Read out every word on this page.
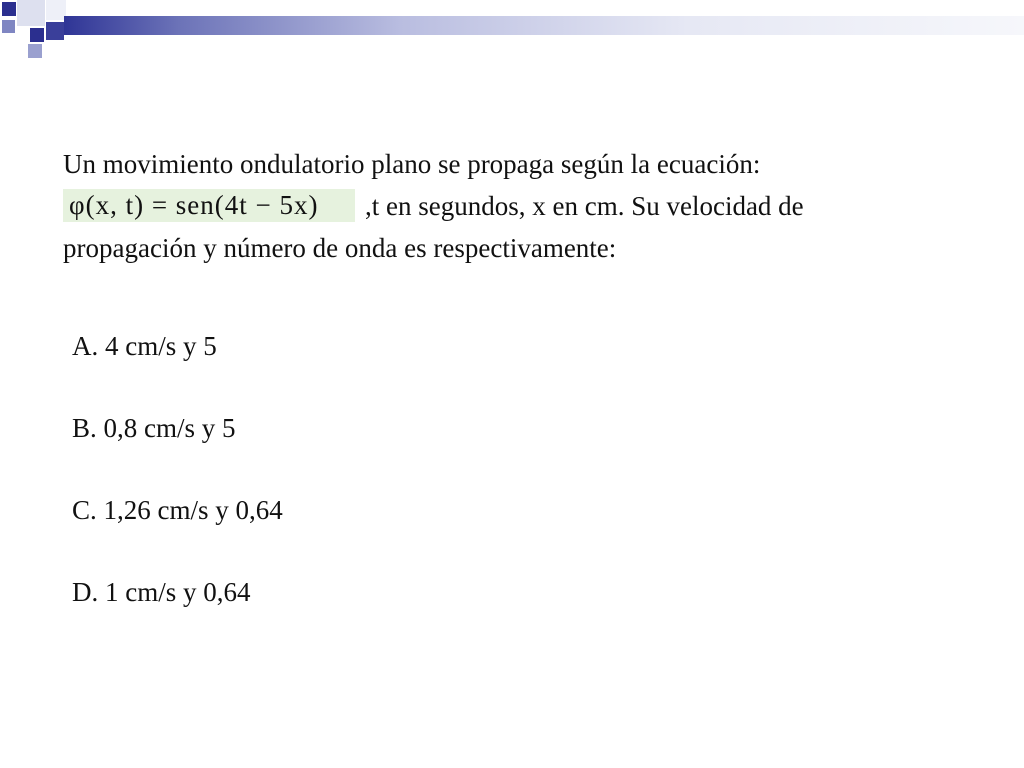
Un movimiento ondulatorio plano se propaga según la ecuación:

φ(x, t) = sen(4t − 5x) ,t en segundos, x en cm. Su velocidad de

propagación y número de onda es respectivamente:

A. 4 cm/s y 5
B. 0,8 cm/s y 5
C. 1,26 cm/s y 0,64
D. 1 cm/s y 0,64
